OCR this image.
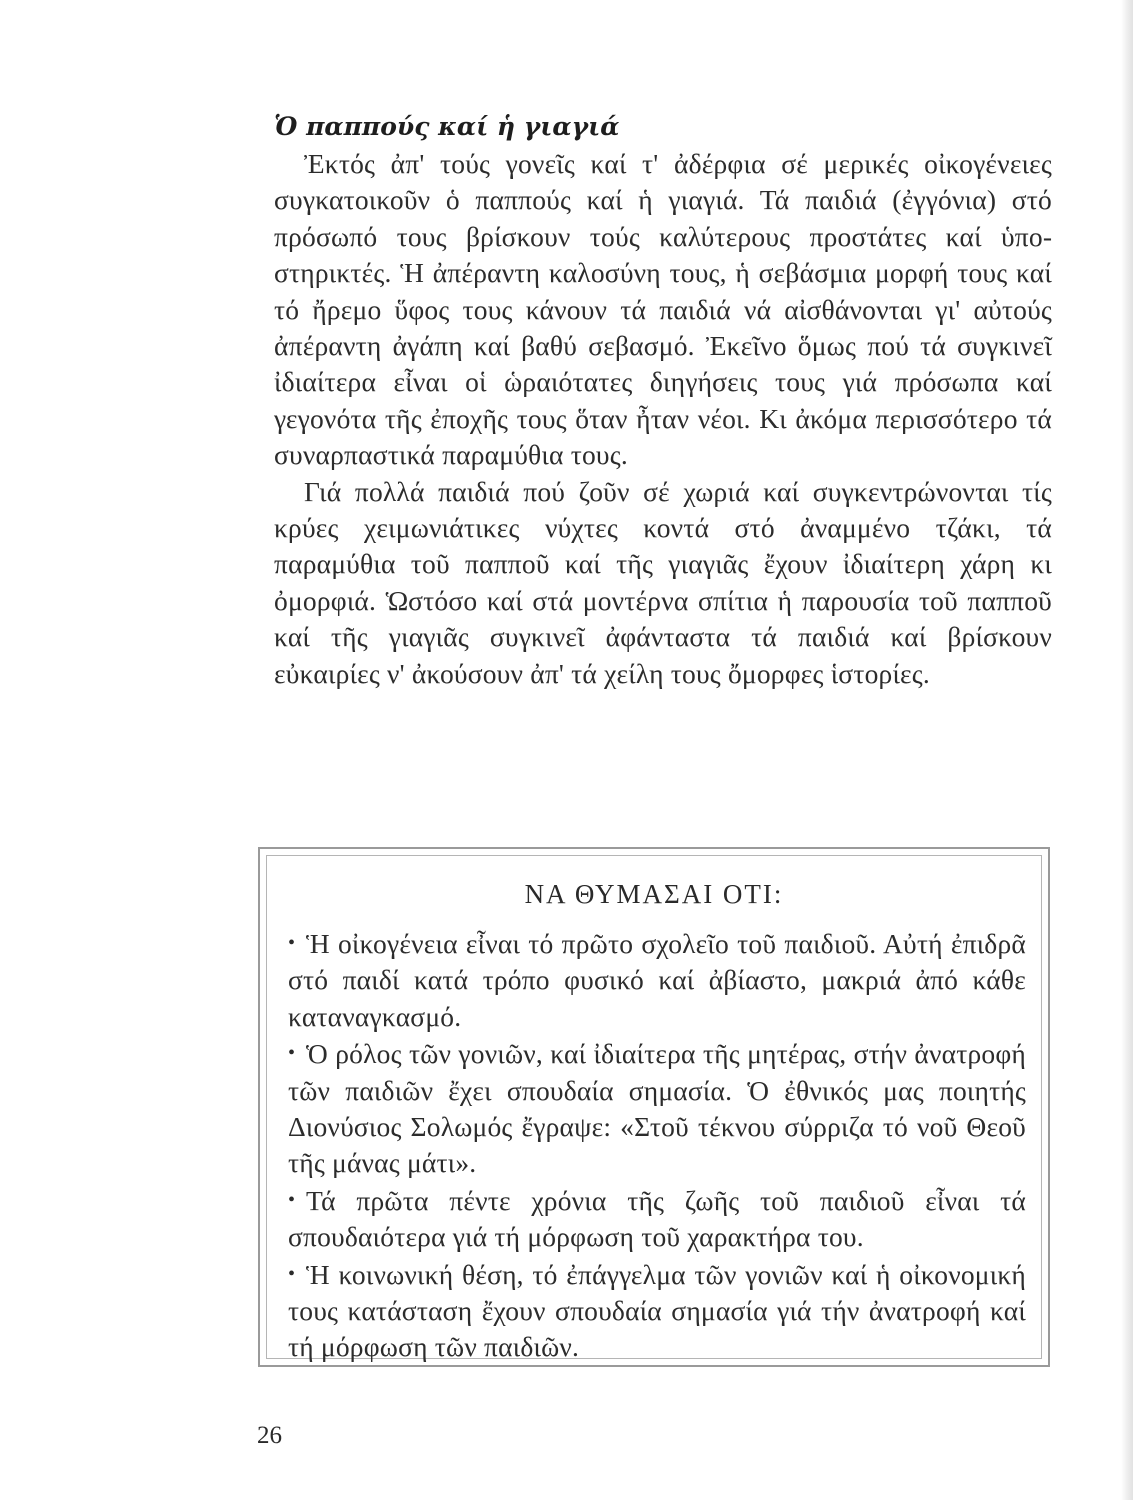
Ὁ παππούς καί ἡ γιαγιά

Ἐκτός ἀπ' τούς γονεῖς καί τ' ἀδέρφια σέ μερικές οἰκογένειες συγκατοικοῦν ὁ παππούς καί ἡ γιαγιά. Τά παιδιά (ἐγγόνια) στό πρόσωπό τους βρίσκουν τούς καλύτερους προστάτες καί ὑποστηρικτές. Ἡ ἀπέραντη καλοσύνη τους, ἡ σεβάσμια μορφή τους καί τό ἤρεμο ὕφος τους κάνουν τά παιδιά νά αἰσθάνονται γι' αὐτούς ἀπέραντη ἀγάπη καί βαθύ σεβασμό. Ἐκεῖνο ὅμως πού τά συγκινεῖ ἰδιαίτερα εἶναι οἱ ὡραιότατες διηγήσεις τους γιά πρόσωπα καί γεγονότα τῆς ἐποχῆς τους ὅταν ἦταν νέοι. Κι ἀκόμα περισσότερο τά συναρπαστικά παραμύθια τους.

Γιά πολλά παιδιά πού ζοῦν σέ χωριά καί συγκεντρώνονται τίς κρύες χειμωνιάτικες νύχτες κοντά στό ἀναμμένο τζάκι, τά παραμύθια τοῦ παπποῦ καί τῆς γιαγιᾶς ἔχουν ἰδιαίτερη χάρη κι ὀμορφιά. Ὡστόσο καί στά μοντέρνα σπίτια ἡ παρουσία τοῦ παπποῦ καί τῆς γιαγιᾶς συγκινεῖ ἀφάνταστα τά παιδιά καί βρίσκουν εὐκαιρίες ν' ἀκούσουν ἀπ' τά χείλη τους ὄμορφες ἱστορίες.

ΝΑ ΘΥΜΑΣΑΙ ΟΤΙ:

• Ἡ οἰκογένεια εἶναι τό πρῶτο σχολεῖο τοῦ παιδιοῦ. Αὐτή ἐπιδρᾶ στό παιδί κατά τρόπο φυσικό καί ἀβίαστο, μακριά ἀπό κάθε καταναγκασμό.
• Ὁ ρόλος τῶν γονιῶν, καί ἰδιαίτερα τῆς μητέρας, στήν ἀνατροφή τῶν παιδιῶν ἔχει σπουδαία σημασία. Ὁ ἐθνικός μας ποιητής Διονύσιος Σολωμός ἔγραψε: «Στοῦ τέκνου σύρριζα τό νοῦ Θεοῦ τῆς μάνας μάτι».
• Τά πρῶτα πέντε χρόνια τῆς ζωῆς τοῦ παιδιοῦ εἶναι τά σπουδαιότερα γιά τή μόρφωση τοῦ χαρακτήρα του.
• Ἡ κοινωνική θέση, τό ἐπάγγελμα τῶν γονιῶν καί ἡ οἰκονομική τους κατάσταση ἔχουν σπουδαία σημασία γιά τήν ἀνατροφή καί τή μόρφωση τῶν παιδιῶν.

26
